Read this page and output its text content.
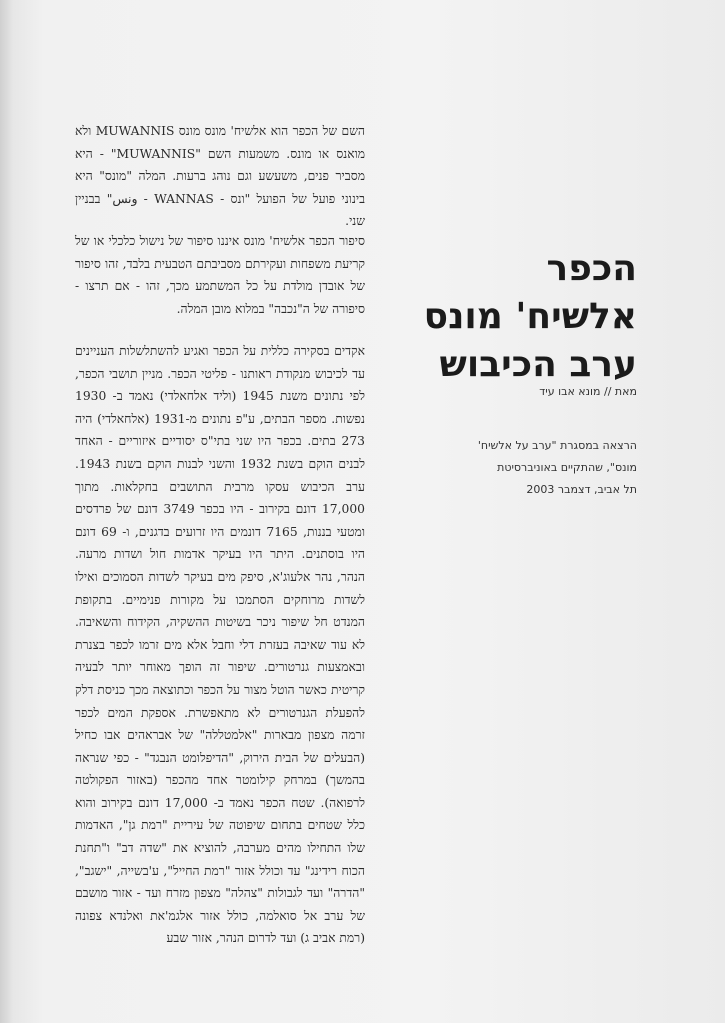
הכפר
אלשיח' מונס
ערב הכיבוש
מאת // מונא אבו עיד
הרצאה במסגרת "ערב על אלשיח'
מונס", שהתקיים באוניברסיטת
תל אביב, דצמבר 2003

השם של הכפר הוא אלשיח' מונס מונס MUWANNIS ולא מואנס או מונס. משמעות השם "MUWANNIS" - היא מסביר פנים, משעשע וגם נוהג ברעות. המלה "מונס" היא בינוני פועל של הפועל "ונס - WANNAS - ونس" בבניין שני.

סיפור הכפר אלשיח' מונס איננו סיפור של נישול כלכלי או של קריעת משפחות ועקירתם מסביבתם הטבעית בלבד, זהו סיפור של אובדן מולדת על כל המשתמע מכך, זהו - אם תרצו - סיפורה של ה"נכבה" במלוא מובן המלה.

אקדים בסקירה כללית על הכפר ואגיע להשתלשלות העניינים עד לכיבוש מנקודת ראותנו - פליטי הכפר. מניין תושבי הכפר, לפי נתונים משנת 1945 (וליד אלחאלדי) נאמד ב- 1930 נפשות. מספר הבתים, ע"פ נתונים מ-1931 (אלחאלדי) היה 273 בתים. בכפר היו שני בתי"ס יסודיים איזוריים - האחד לבנים הוקם בשנת 1932 והשני לבנות הוקם בשנת 1943. ערב הכיבוש עסקו מרבית התושבים בחקלאות. מתוך 17,000 דונם בקירוב - היו בכפר 3749 דונם של פרדסים ומטעי בננות, 7165 דונמים היו זרועים בדגנים, ו- 69 דונם היו בוסתנים. היתר היו בעיקר אדמות חול ושדות מרעה. הנהר, נהר אלעוג'א, סיפק מים בעיקר לשדות הסמוכים ואילו לשדות מרוחקים הסתמכו על מקורות פנימיים. בתקופת המנדט חל שיפור ניכר בשיטות ההשקיה, הקידוח והשאיבה. לא עוד שאיבה בעזרת דלי וחבל אלא מים זרמו לכפר בצנרת ובאמצעות גנרטורים. שיפור זה הופך מאוחר יותר לבעיה קריטית כאשר הוטל מצור על הכפר וכתוצאה מכך כניסת דלק להפעלת הגנרטורים לא מתאפשרת. אספקת המים לכפר זרמה מצפון מבארות "אלמטללה" של אבראהים אבו כחיל (הבעלים של הבית הירוק, "הדיפלומט הנבגד" - כפי שנראה בהמשך) במרחק קילומטר אחד מהכפר (באזור הפקולטה לרפואה). שטח הכפר נאמד ב- 17,000 דונם בקירוב והוא כלל שטחים בתחום שיפוטה של עיריית "רמת גן", האדמות שלו התחילו מהים מערבה, להוציא את "שדה דב" ו"תחנת הכוח רידינג" עד וכולל אזור "רמת החייל", ע'בשייה, "ישגב", "הדרה" ועד לגבולות "צהלה" מצפון מזרח ועד - אזור מושבם של ערב אל סואלמה, כולל אזור אלגמ'את ואלנדא צפונה (רמת אביב ג) ועד לדרום הנהר, אזור שבע
